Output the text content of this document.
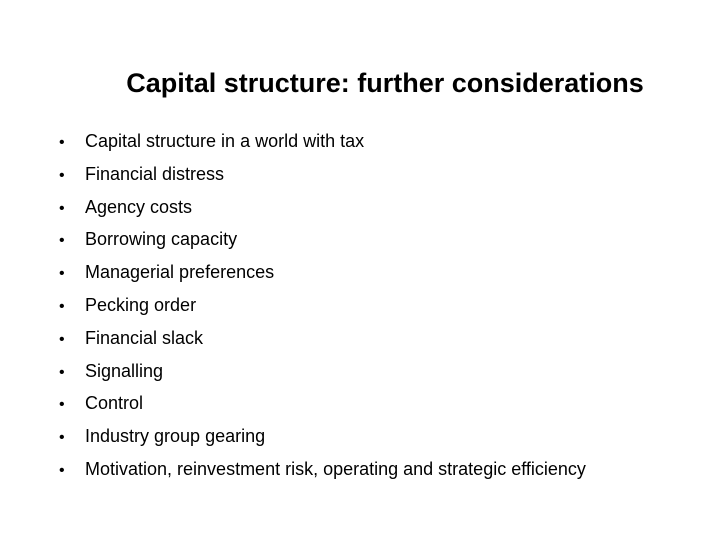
Capital structure: further considerations
•	Capital structure in a world with tax
•	Financial distress
•	Agency costs
•	Borrowing capacity
•	Managerial preferences
•	Pecking order
•	Financial slack
•	Signalling
•	Control
•	Industry group gearing
•	Motivation, reinvestment risk, operating and strategic efficiency
